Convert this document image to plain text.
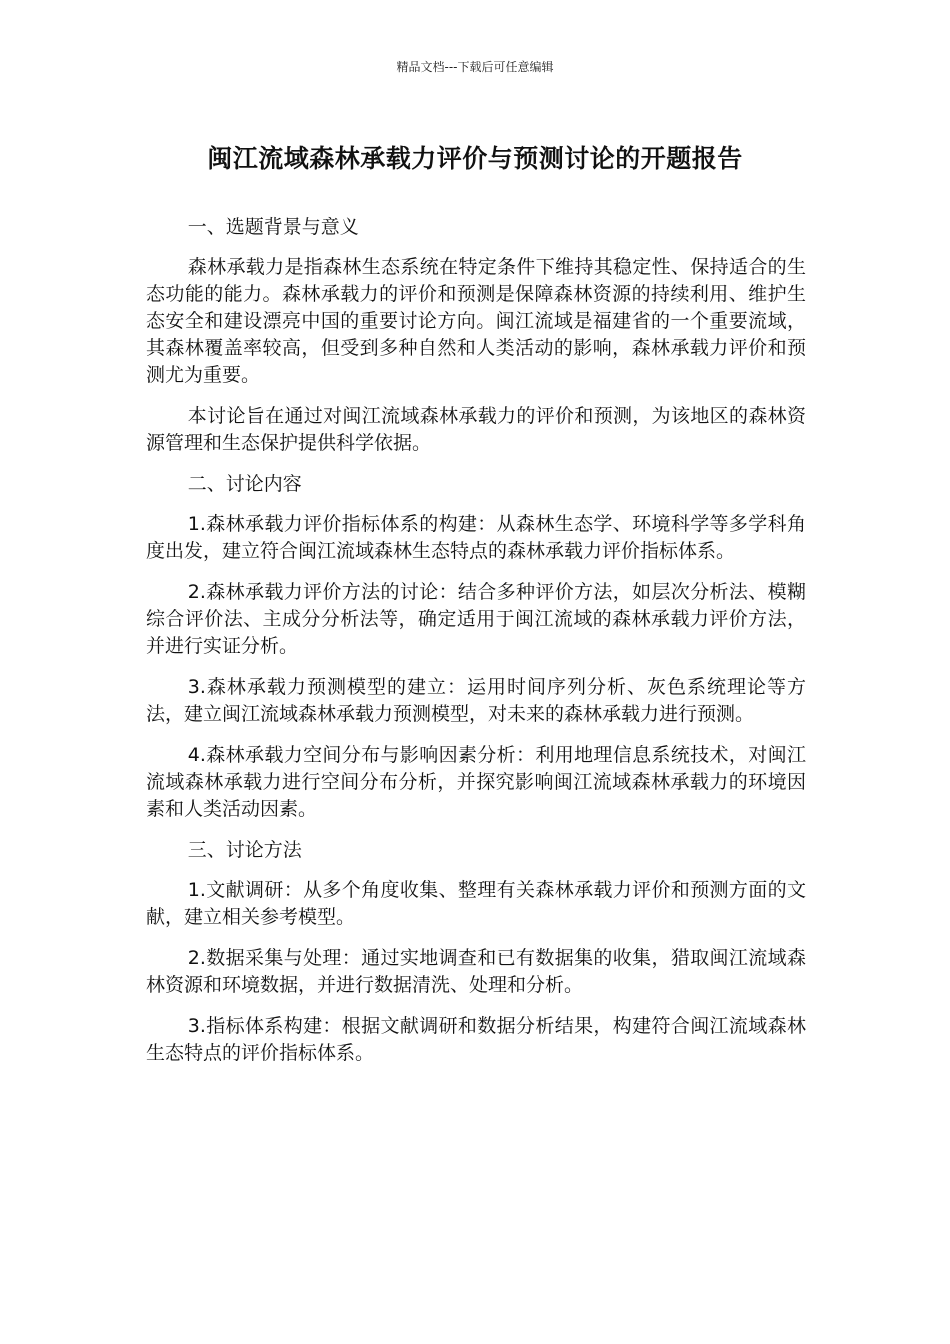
精品文档---下载后可任意编辑
闽江流域森林承载力评价与预测讨论的开题报告

一、选题背景与意义

森林承载力是指森林生态系统在特定条件下维持其稳定性、保持适合的生态功能的能力。森林承载力的评价和预测是保障森林资源的持续利用、维护生态安全和建设漂亮中国的重要讨论方向。闽江流域是福建省的一个重要流域，其森林覆盖率较高，但受到多种自然和人类活动的影响，森林承载力评价和预测尤为重要。

本讨论旨在通过对闽江流域森林承载力的评价和预测，为该地区的森林资源管理和生态保护提供科学依据。

二、讨论内容

1.森林承载力评价指标体系的构建：从森林生态学、环境科学等多学科角度出发，建立符合闽江流域森林生态特点的森林承载力评价指标体系。

2.森林承载力评价方法的讨论：结合多种评价方法，如层次分析法、模糊综合评价法、主成分分析法等，确定适用于闽江流域的森林承载力评价方法，并进行实证分析。

3.森林承载力预测模型的建立：运用时间序列分析、灰色系统理论等方法，建立闽江流域森林承载力预测模型，对未来的森林承载力进行预测。

4.森林承载力空间分布与影响因素分析：利用地理信息系统技术，对闽江流域森林承载力进行空间分布分析，并探究影响闽江流域森林承载力的环境因素和人类活动因素。

三、讨论方法

1.文献调研：从多个角度收集、整理有关森林承载力评价和预测方面的文献，建立相关参考模型。

2.数据采集与处理：通过实地调查和已有数据集的收集，猎取闽江流域森林资源和环境数据，并进行数据清洗、处理和分析。

3.指标体系构建：根据文献调研和数据分析结果，构建符合闽江流域森林生态特点的评价指标体系。
